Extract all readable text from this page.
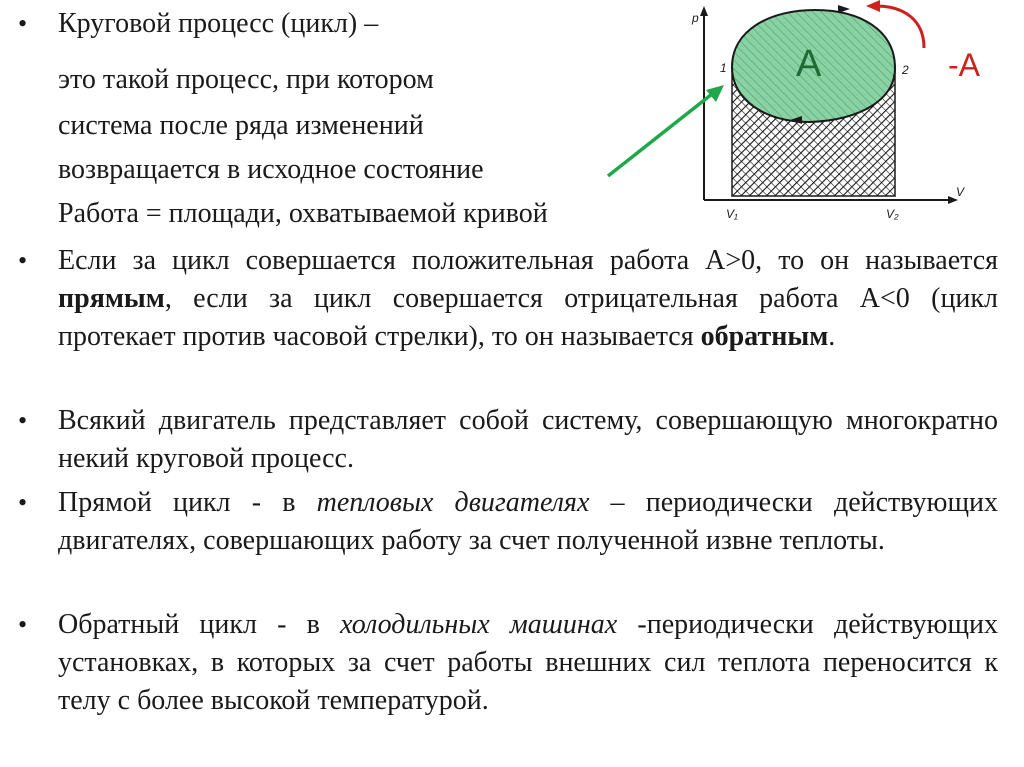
• Круговой процесс (цикл) –
это такой процесс, при котором
система после ряда изменений
возвращается в исходное состояние
Работа = площади, охватываемой кривой
• Если за цикл совершается положительная работа А>0, то он называется прямым, если за цикл совершается отрицательная работа А<0 (цикл протекает против часовой стрелки), то он называется обратным.
• Всякий двигатель представляет собой систему, совершающую многократно некий круговой процесс.
• Прямой цикл - в тепловых двигателях – периодически действующих двигателях, совершающих работу за счет полученной извне теплоты.
• Обратный цикл - в холодильных машинах -периодически действующих установках, в которых за счет работы внешних сил теплота переносится к телу с более высокой температурой.
p
V
1	2
V₁	V₂
А	-А
